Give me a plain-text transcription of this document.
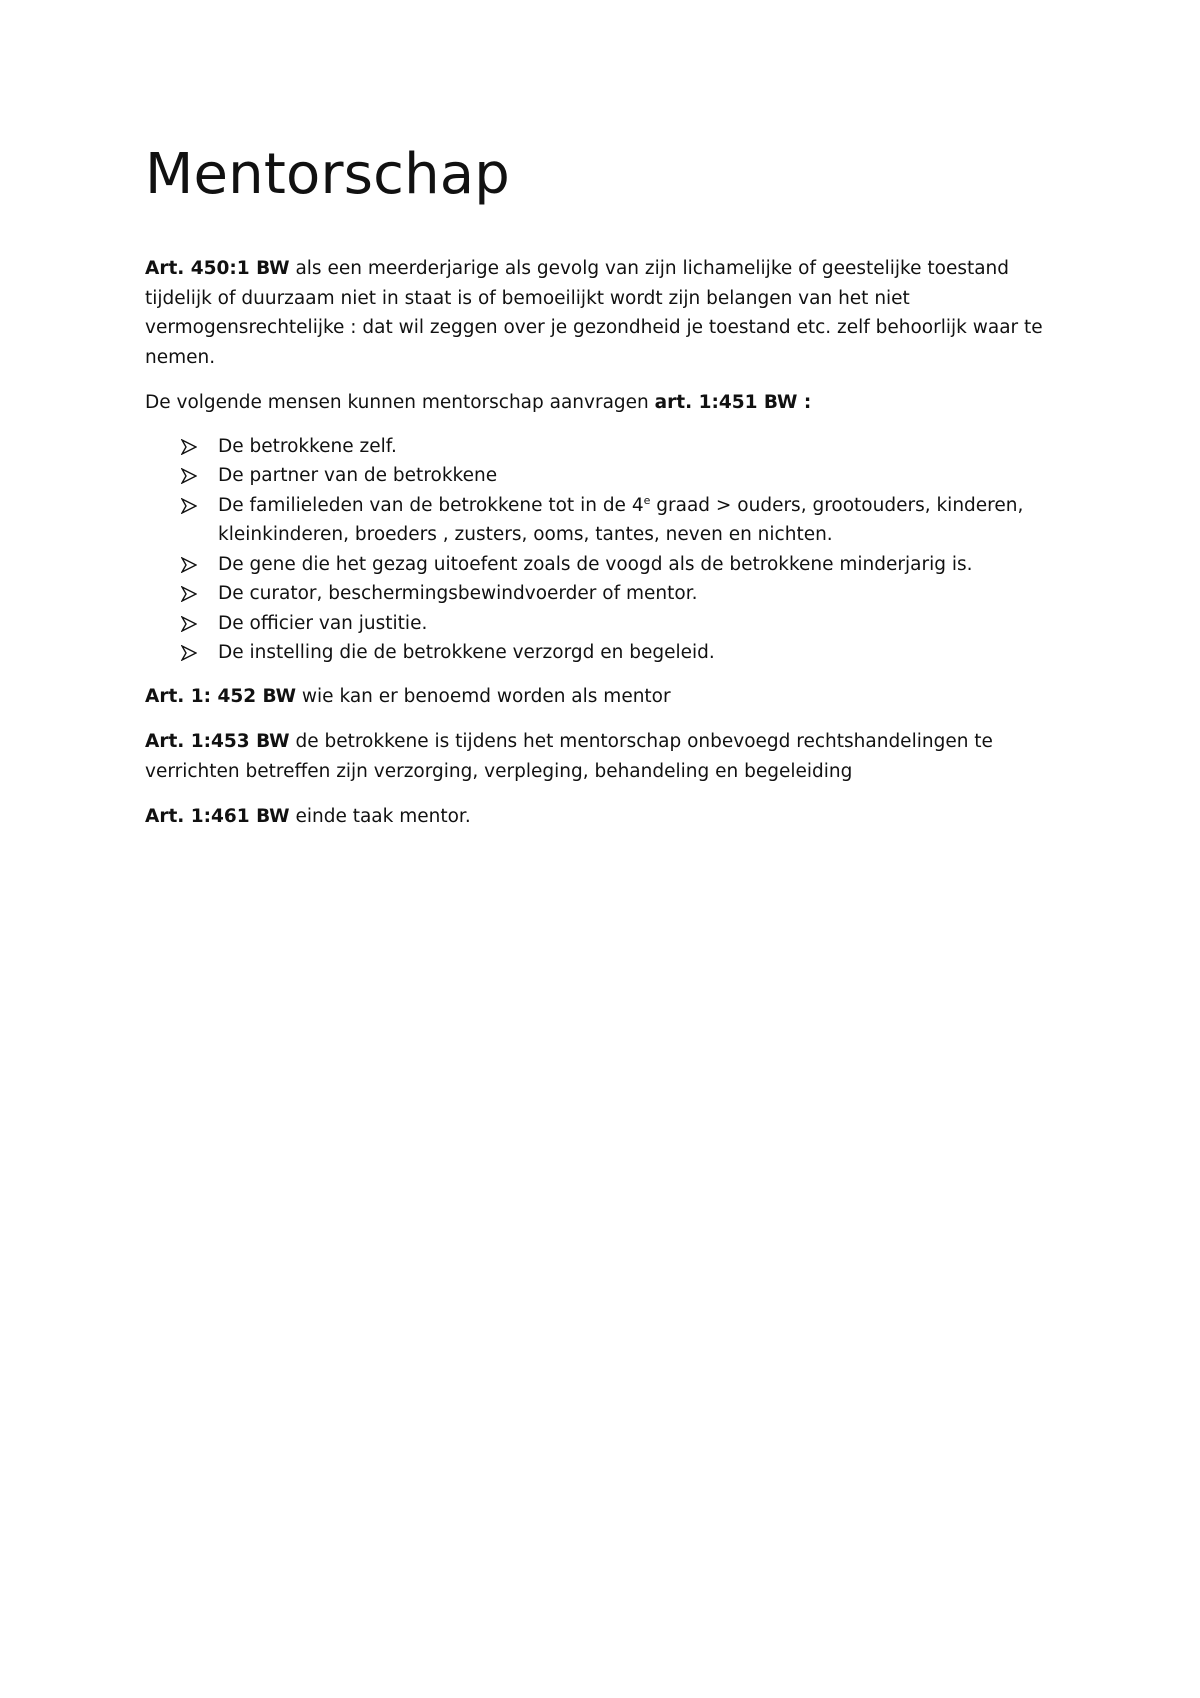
Mentorschap

Art. 450:1 BW als een meerderjarige als gevolg van zijn lichamelijke of geestelijke toestand tijdelijk of duurzaam niet in staat is of bemoeilijkt wordt zijn belangen van het niet vermogensrechtelijke : dat wil zeggen over je gezondheid je toestand etc. zelf behoorlijk waar te nemen.

De volgende mensen kunnen mentorschap aanvragen art. 1:451 BW :

De betrokkene zelf.
De partner van de betrokkene
De familieleden van de betrokkene tot in de 4e graad > ouders, grootouders, kinderen, kleinkinderen, broeders , zusters, ooms, tantes, neven en nichten.
De gene die het gezag uitoefent zoals de voogd als de betrokkene minderjarig is.
De curator, beschermingsbewindvoerder of mentor.
De officier van justitie.
De instelling die de betrokkene verzorgd en begeleid.

Art. 1: 452 BW wie kan er benoemd worden als mentor

Art. 1:453 BW de betrokkene is tijdens het mentorschap onbevoegd rechtshandelingen te verrichten betreffen zijn verzorging, verpleging, behandeling en begeleiding

Art. 1:461 BW einde taak mentor.
